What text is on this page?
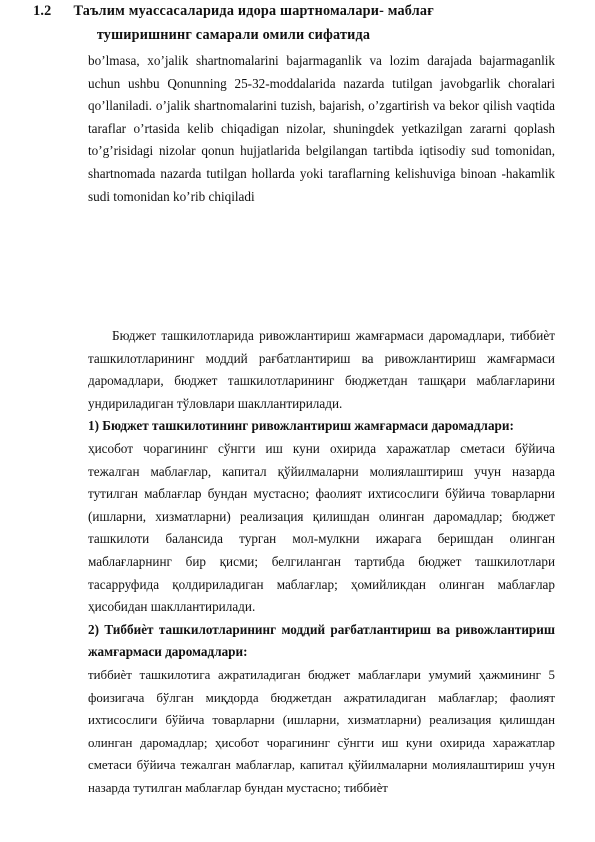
bo’lmasa, xo’jalik shartnomalarini bajarmaganlik va lozim darajada bajarmaganlik uchun ushbu Qonunning 25-32-moddalarida nazarda tutilgan javobgarlik choralari qo’llaniladi. o’jalik shartnomalarini tuzish, bajarish, o’zgartirish va bekor qilish vaqtida taraflar o’rtasida kelib chiqadigan nizolar, shuningdek yetkazilgan zararni qoplash to’g’risidagi nizolar qonun hujjatlarida belgilangan tartibda iqtisodiy sud tomonidan, shartnomada nazarda tutilgan hollarda yoki taraflarning kelishuviga binoan -hakamlik sudi tomonidan ko’rib chiqiladi

1.2 Таълим муассасаларида идора шартномалари- маблағ туширишнинг самарали омили сифатида

Бюджет ташкилотларида ривожлантириш жамғармаси даромадлари, тиббиѐт ташкилотларининг моддий рағбатлантириш ва ривожлантириш жамғармаси даромадлари, бюджет ташкилотларининг бюджетдан ташқари маблағларини ундириладиган тўловлари шакллантирилади.

1) Бюджет ташкилотининг ривожлантириш жамғармаси даромадлари:

ҳисобот чорагининг сўнгги иш куни охирида харажатлар сметаси бўйича тежалган маблағлар, капитал қўйилмаларни молиялаштириш учун назарда тутилган маблағлар бундан мустасно; фаолият ихтисослиги бўйича товарларни (ишларни, хизматларни) реализация қилишдан олинган даромадлар; бюджет ташкилоти балансида турган мол-мулкни ижарага беришдан олинган маблағларнинг бир қисми; белгиланган тартибда бюджет ташкилотлари тасарруфида қолдириладиган маблағлар; ҳомийликдан олинган маблағлар ҳисобидан шакллантирилади.

2) Тиббиѐт ташкилотларининг моддий рағбатлантириш ва ривожлантириш жамғармаси даромадлари:

тиббиѐт ташкилотига ажратиладиган бюджет маблағлари умумий ҳажмининг 5 фоизигача бўлган миқдорда бюджетдан ажратиладиган маблағлар; фаолият ихтисослиги бўйича товарларни (ишларни, хизматларни) реализация қилишдан олинган даромадлар; ҳисобот чорагининг сўнгги иш куни охирида харажатлар сметаси бўйича тежалган маблағлар, капитал қўйилмаларни молиялаштириш учун назарда тутилган маблағлар бундан мустасно; тиббиѐт
